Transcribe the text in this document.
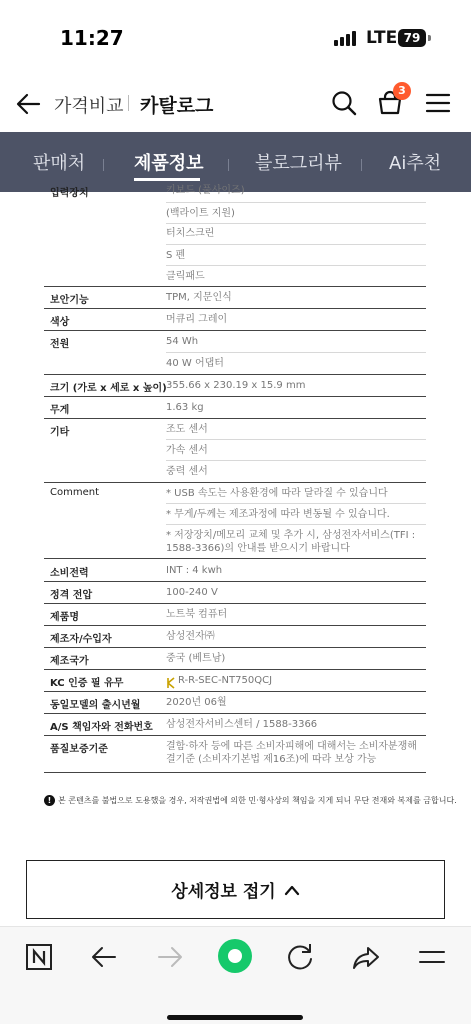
11:27	LTE 79
가격비교 카탈로그
3
판매처	제품정보	블로그리뷰	Ai추천
입력장치	키보드 (풀사이즈)
(백라이트 지원)
터치스크린
S 펜
클릭패드
보안기능	TPM, 지문인식
색상	머큐리 그레이
전원	54 Wh
40 W 어댑터
크기 (가로 x 세로 x 높이) 355.66 x 230.19 x 15.9 mm
무게	1.63 kg
기타	조도 센서
가속 센서
중력 센서
Comment	* USB 속도는 사용환경에 따라 달라질 수 있습니다
* 무게/두께는 제조과정에 따라 변동될 수 있습니다.
* 저장장치/메모리 교체 및 추가 시, 삼성전자서비스(TFI : 1588-3366)의 안내를 받으시기 바랍니다
소비전력	INT : 4 kwh
정격 전압	100-240 V
제품명	노트북 컴퓨터
제조자/수입자	삼성전자㈜
제조국가	중국 (베트남)
KC 인증 필 유무	R-R-SEC-NT750QCJ
동일모델의 출시년월	2020년 06월
A/S 책임자와 전화번호 삼성전자서비스센터 / 1588-3366
품질보증기준	결함·하자 등에 따른 소비자피해에 대해서는 소비자분쟁해결기준 (소비자기본법 제16조)에 따라 보상 가능
! 본 콘텐츠를 불법으로 도용했을 경우, 저작권법에 의한 민·형사상의 책임을 지게 되니 무단 전재와 복제를 금합니다.
상세정보 접기
